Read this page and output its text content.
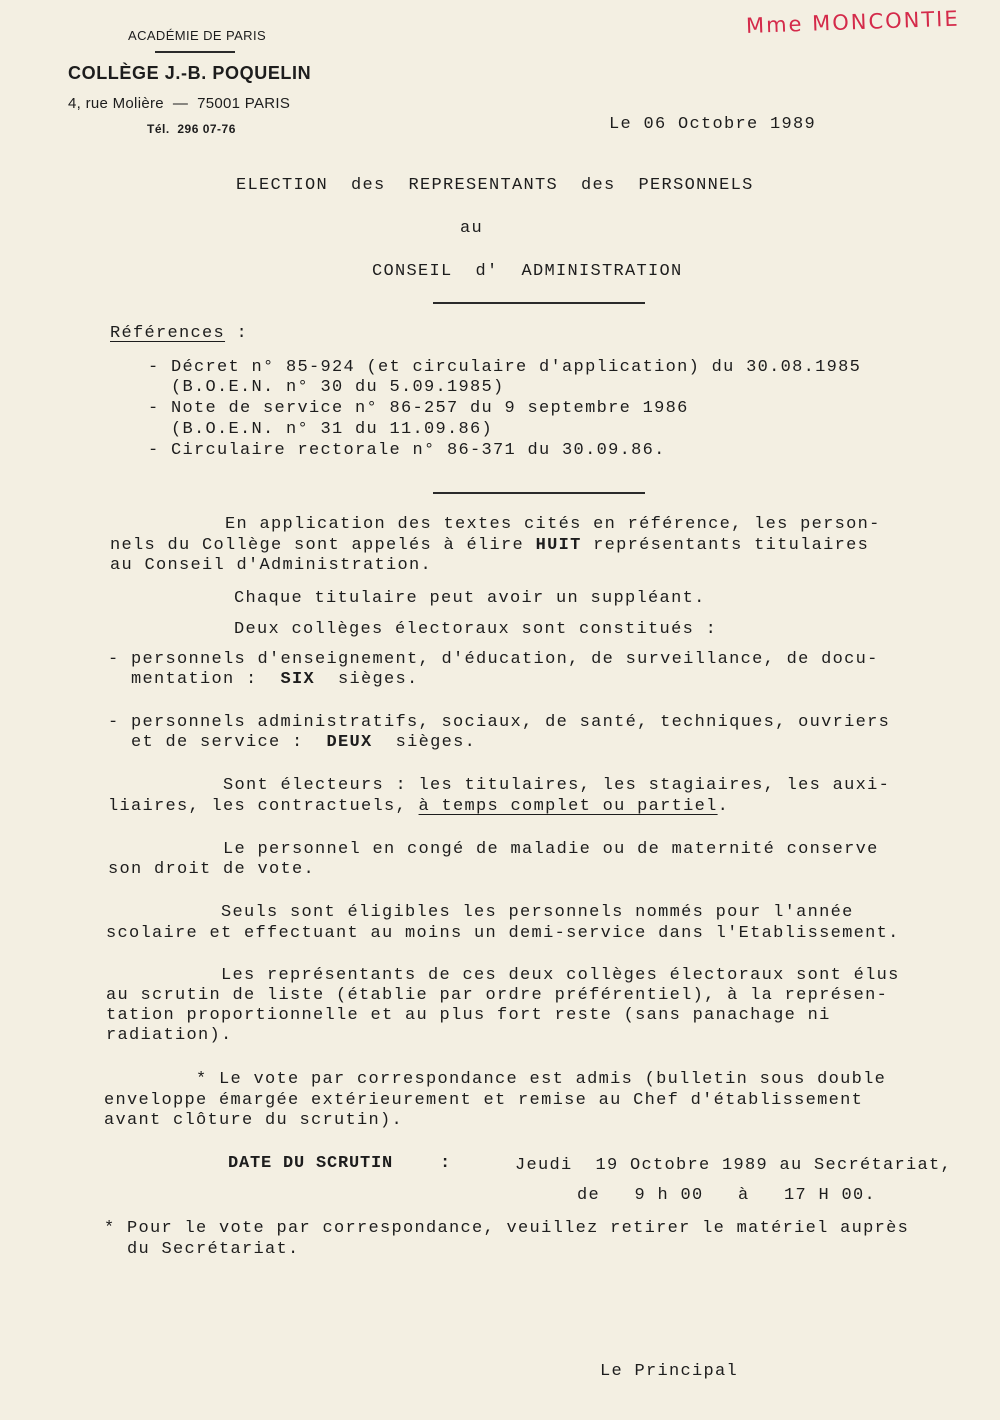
Mme MONCONTIE
ACADÉMIE DE PARIS
COLLÈGE J.-B. POQUELIN
4, rue Molière  —  75001 PARIS
Tél.  296 07-76	Le 06 Octobre 1989
ELECTION  des  REPRESENTANTS  des  PERSONNELS
au
CONSEIL  d'  ADMINISTRATION
Références :
- Décret n° 85-924 (et circulaire d'application) du 30.08.1985
(B.O.E.N. n° 30 du 5.09.1985)
- Note de service n° 86-257 du 9 septembre 1986
(B.O.E.N. n° 31 du 11.09.86)
- Circulaire rectorale n° 86-371 du 30.09.86.
En application des textes cités en référence, les person-
nels du Collège sont appelés à élire HUIT représentants titulaires
au Conseil d'Administration.
Chaque titulaire peut avoir un suppléant.
Deux collèges électoraux sont constitués :
- personnels d'enseignement, d'éducation, de surveillance, de docu-
mentation :  SIX  sièges.
- personnels administratifs, sociaux, de santé, techniques, ouvriers
et de service :  DEUX  sièges.
Sont électeurs : les titulaires, les stagiaires, les auxi-
liaires, les contractuels, à temps complet ou partiel.
Le personnel en congé de maladie ou de maternité conserve
son droit de vote.
Seuls sont éligibles les personnels nommés pour l'année
scolaire et effectuant au moins un demi-service dans l'Etablissement.
Les représentants de ces deux collèges électoraux sont élus
au scrutin de liste (établie par ordre préférentiel), à la représen-
tation proportionnelle et au plus fort reste (sans panachage ni
radiation).
* Le vote par correspondance est admis (bulletin sous double
enveloppe émargée extérieurement et remise au Chef d'établissement
avant clôture du scrutin).
DATE DU SCRUTIN	:	Jeudi  19 Octobre 1989 au Secrétariat,
de   9 h 00   à   17 H 00.
* Pour le vote par correspondance, veuillez retirer le matériel auprès
du Secrétariat.
Le Principal
